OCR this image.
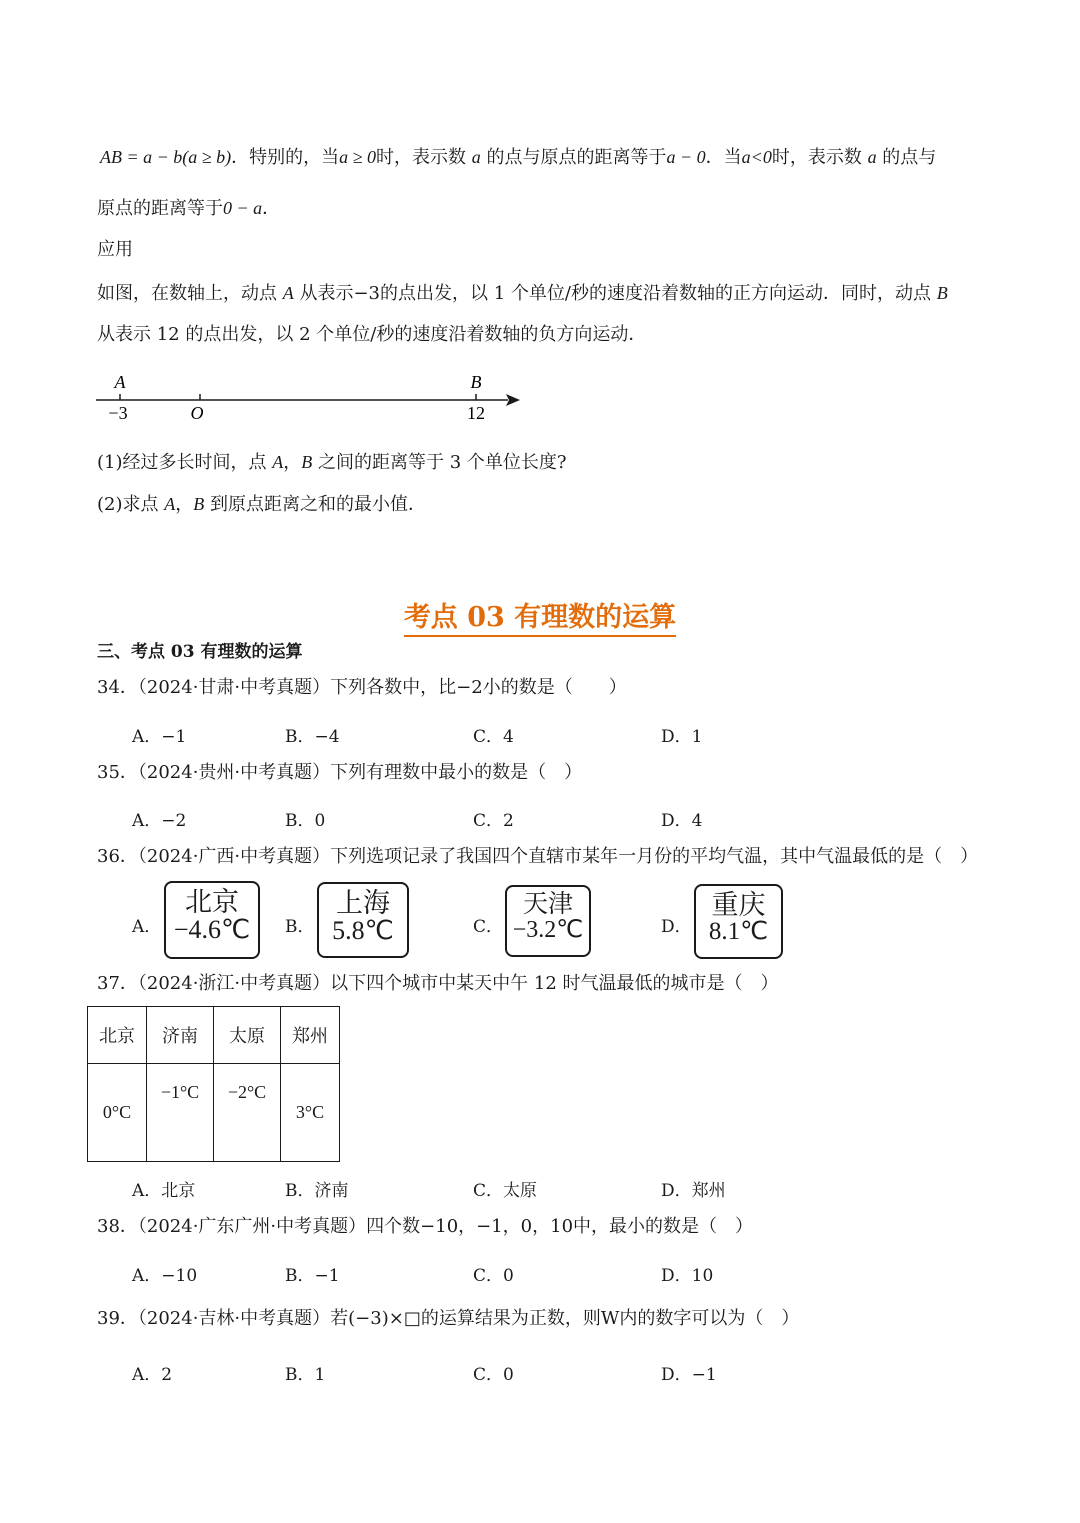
AB = a − b(a ≥ b)．特别的，当a ≥ 0时，表示数 a 的点与原点的距离等于a − 0．当a<0时，表示数 a 的点与
原点的距离等于0 − a．
应用
如图，在数轴上，动点 A 从表示−3的点出发，以 1 个单位/秒的速度沿着数轴的正方向运动．同时，动点 B
从表示 12 的点出发，以 2 个单位/秒的速度沿着数轴的负方向运动．
A	B
−3	O	12
(1)经过多长时间，点 A，B 之间的距离等于 3 个单位长度?
(2)求点 A，B 到原点距离之和的最小值．
考点 03 有理数的运算
三、考点 03 有理数的运算
34．（2024·甘肃·中考真题）下列各数中，比−2小的数是（　　）
A．−1	B．−4	C．4	D．1
35．（2024·贵州·中考真题）下列有理数中最小的数是（　）
A．−2	B．0	C．2	D．4
36．（2024·广西·中考真题）下列选项记录了我国四个直辖市某年一月份的平均气温，其中气温最低的是（　）
A．	B．	C．	D．
北京
−4.6℃
上海
5.8℃
天津
−3.2℃
重庆
8.1℃
37．（2024·浙江·中考真题）以下四个城市中某天中午 12 时气温最低的城市是（　）
北京	济南	太原	郑州
0°C	−1°C	−2°C	3°C
A．北京	B．济南	C．太原	D．郑州
38．（2024·广东广州·中考真题）四个数−10，−1，0，10中，最小的数是（　）
A．−10	B．−1	C．0	D．10
39．（2024·吉林·中考真题）若(−3)×□的运算结果为正数，则W内的数字可以为（　）
A．2	B．1	C．0	D．−1
